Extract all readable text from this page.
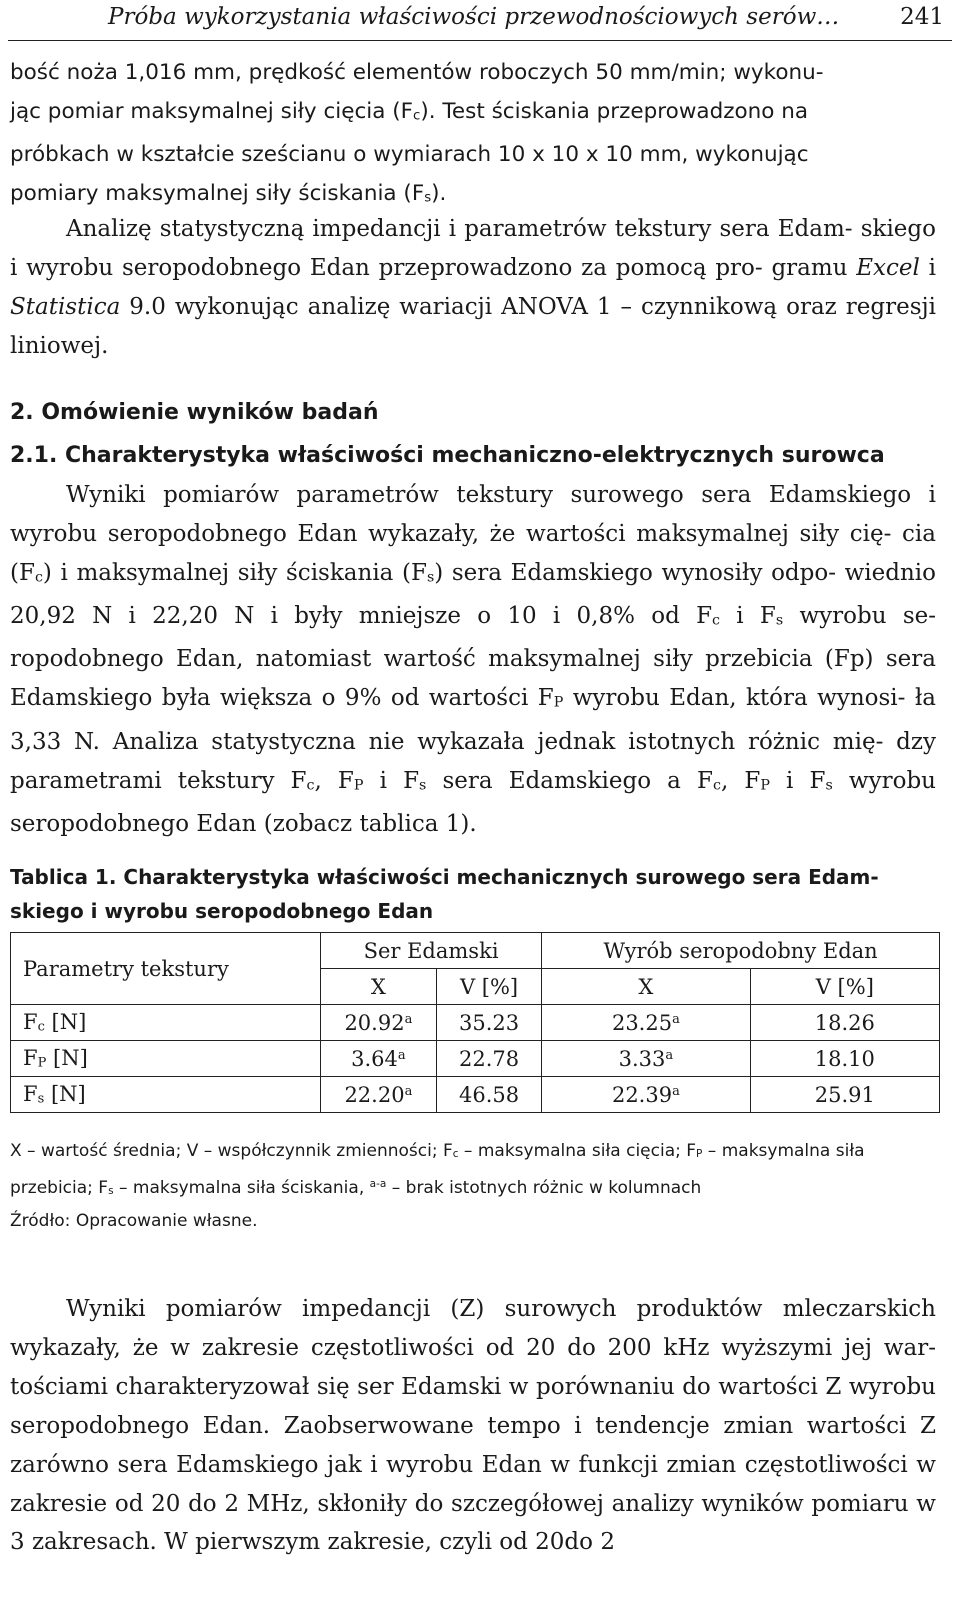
Próba wykorzystania właściwości przewodnościowych serów…	241
bość noża 1,016 mm, prędkość elementów roboczych 50 mm/min; wykonu-
jąc pomiar maksymalnej siły cięcia (Fc). Test ściskania przeprowadzono na
próbkach w kształcie sześcianu o wymiarach 10 x 10 x 10 mm, wykonując
pomiary maksymalnej siły ściskania (Fs).

Analizę statystyczną impedancji i parametrów tekstury sera Edam- skiego i wyrobu seropodobnego Edan przeprowadzono za pomocą pro- gramu Excel i Statistica 9.0 wykonując analizę wariacji ANOVA 1 – czynnikową oraz regresji liniowej.

2. Omówienie wyników badań
2.1. Charakterystyka właściwości mechaniczno-elektrycznych surowca

Wyniki pomiarów parametrów tekstury surowego sera Edamskiego i wyrobu seropodobnego Edan wykazały, że wartości maksymalnej siły cię- cia (Fc) i maksymalnej siły ściskania (Fs) sera Edamskiego wynosiły odpo- wiednio 20,92 N i 22,20 N i były mniejsze o 10 i 0,8% od Fc i Fs wyrobu se- ropodobnego Edan, natomiast wartość maksymalnej siły przebicia (Fp) sera Edamskiego była większa o 9% od wartości FP wyrobu Edan, która wynosi- ła 3,33 N. Analiza statystyczna nie wykazała jednak istotnych różnic mię- dzy parametrami tekstury Fc, FP i Fs sera Edamskiego a Fc, FP i Fs wyrobu seropodobnego Edan (zobacz tablica 1).

Tablica 1. Charakterystyka właściwości mechanicznych surowego sera Edam- skiego i wyrobu seropodobnego Edan

Parametry tekstury	Ser Edamski		Wyrób seropodobny Edan	
	X	V [%]	X	V [%]
Fc [N]	20.92$^a$	35.23	23.25$^a$	18.26
FP [N]	3.64$^a$	22.78	3.33$^a$	18.10
Fs [N]	22.20$^a$	46.58	22.39$^a$	25.91

X – wartość średnia; V – współczynnik zmienności; Fc – maksymalna siła cięcia; FP – maksymalna siła przebicia; Fs – maksymalna siła ściskania, $^{a-a}$ – brak istotnych różnic w kolumnach

Źródło: Opracowanie własne.

Wyniki pomiarów impedancji (Z) surowych produktów mleczarskich wykazały, że w zakresie częstotliwości od 20 do 200 kHz wyższymi jej war- tościami charakteryzował się ser Edamski w porównaniu do wartości Z wyrobu seropodobnego Edan. Zaobserwowane tempo i tendencje zmian wartości Z zarówno sera Edamskiego jak i wyrobu Edan w funkcji zmian częstotliwości w zakresie od 20 do 2 MHz, skłoniły do szczegółowej analizy wyników pomiaru w 3 zakresach. W pierwszym zakresie, czyli od 20do 2
